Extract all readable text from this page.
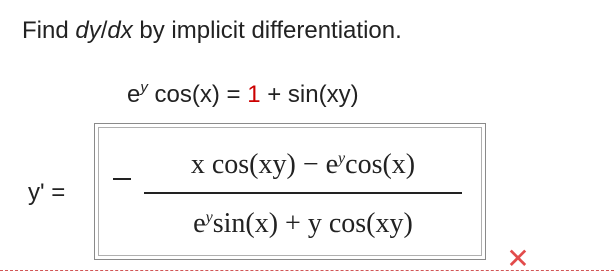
Find dy/dx by implicit differentiation.
$e^y$ cos(x) = 1 + sin(xy)
y' =
x $\cos(xy) - e^y\cos(x)$
$e^y\sin(x) + y$ cos(xy)
✕
